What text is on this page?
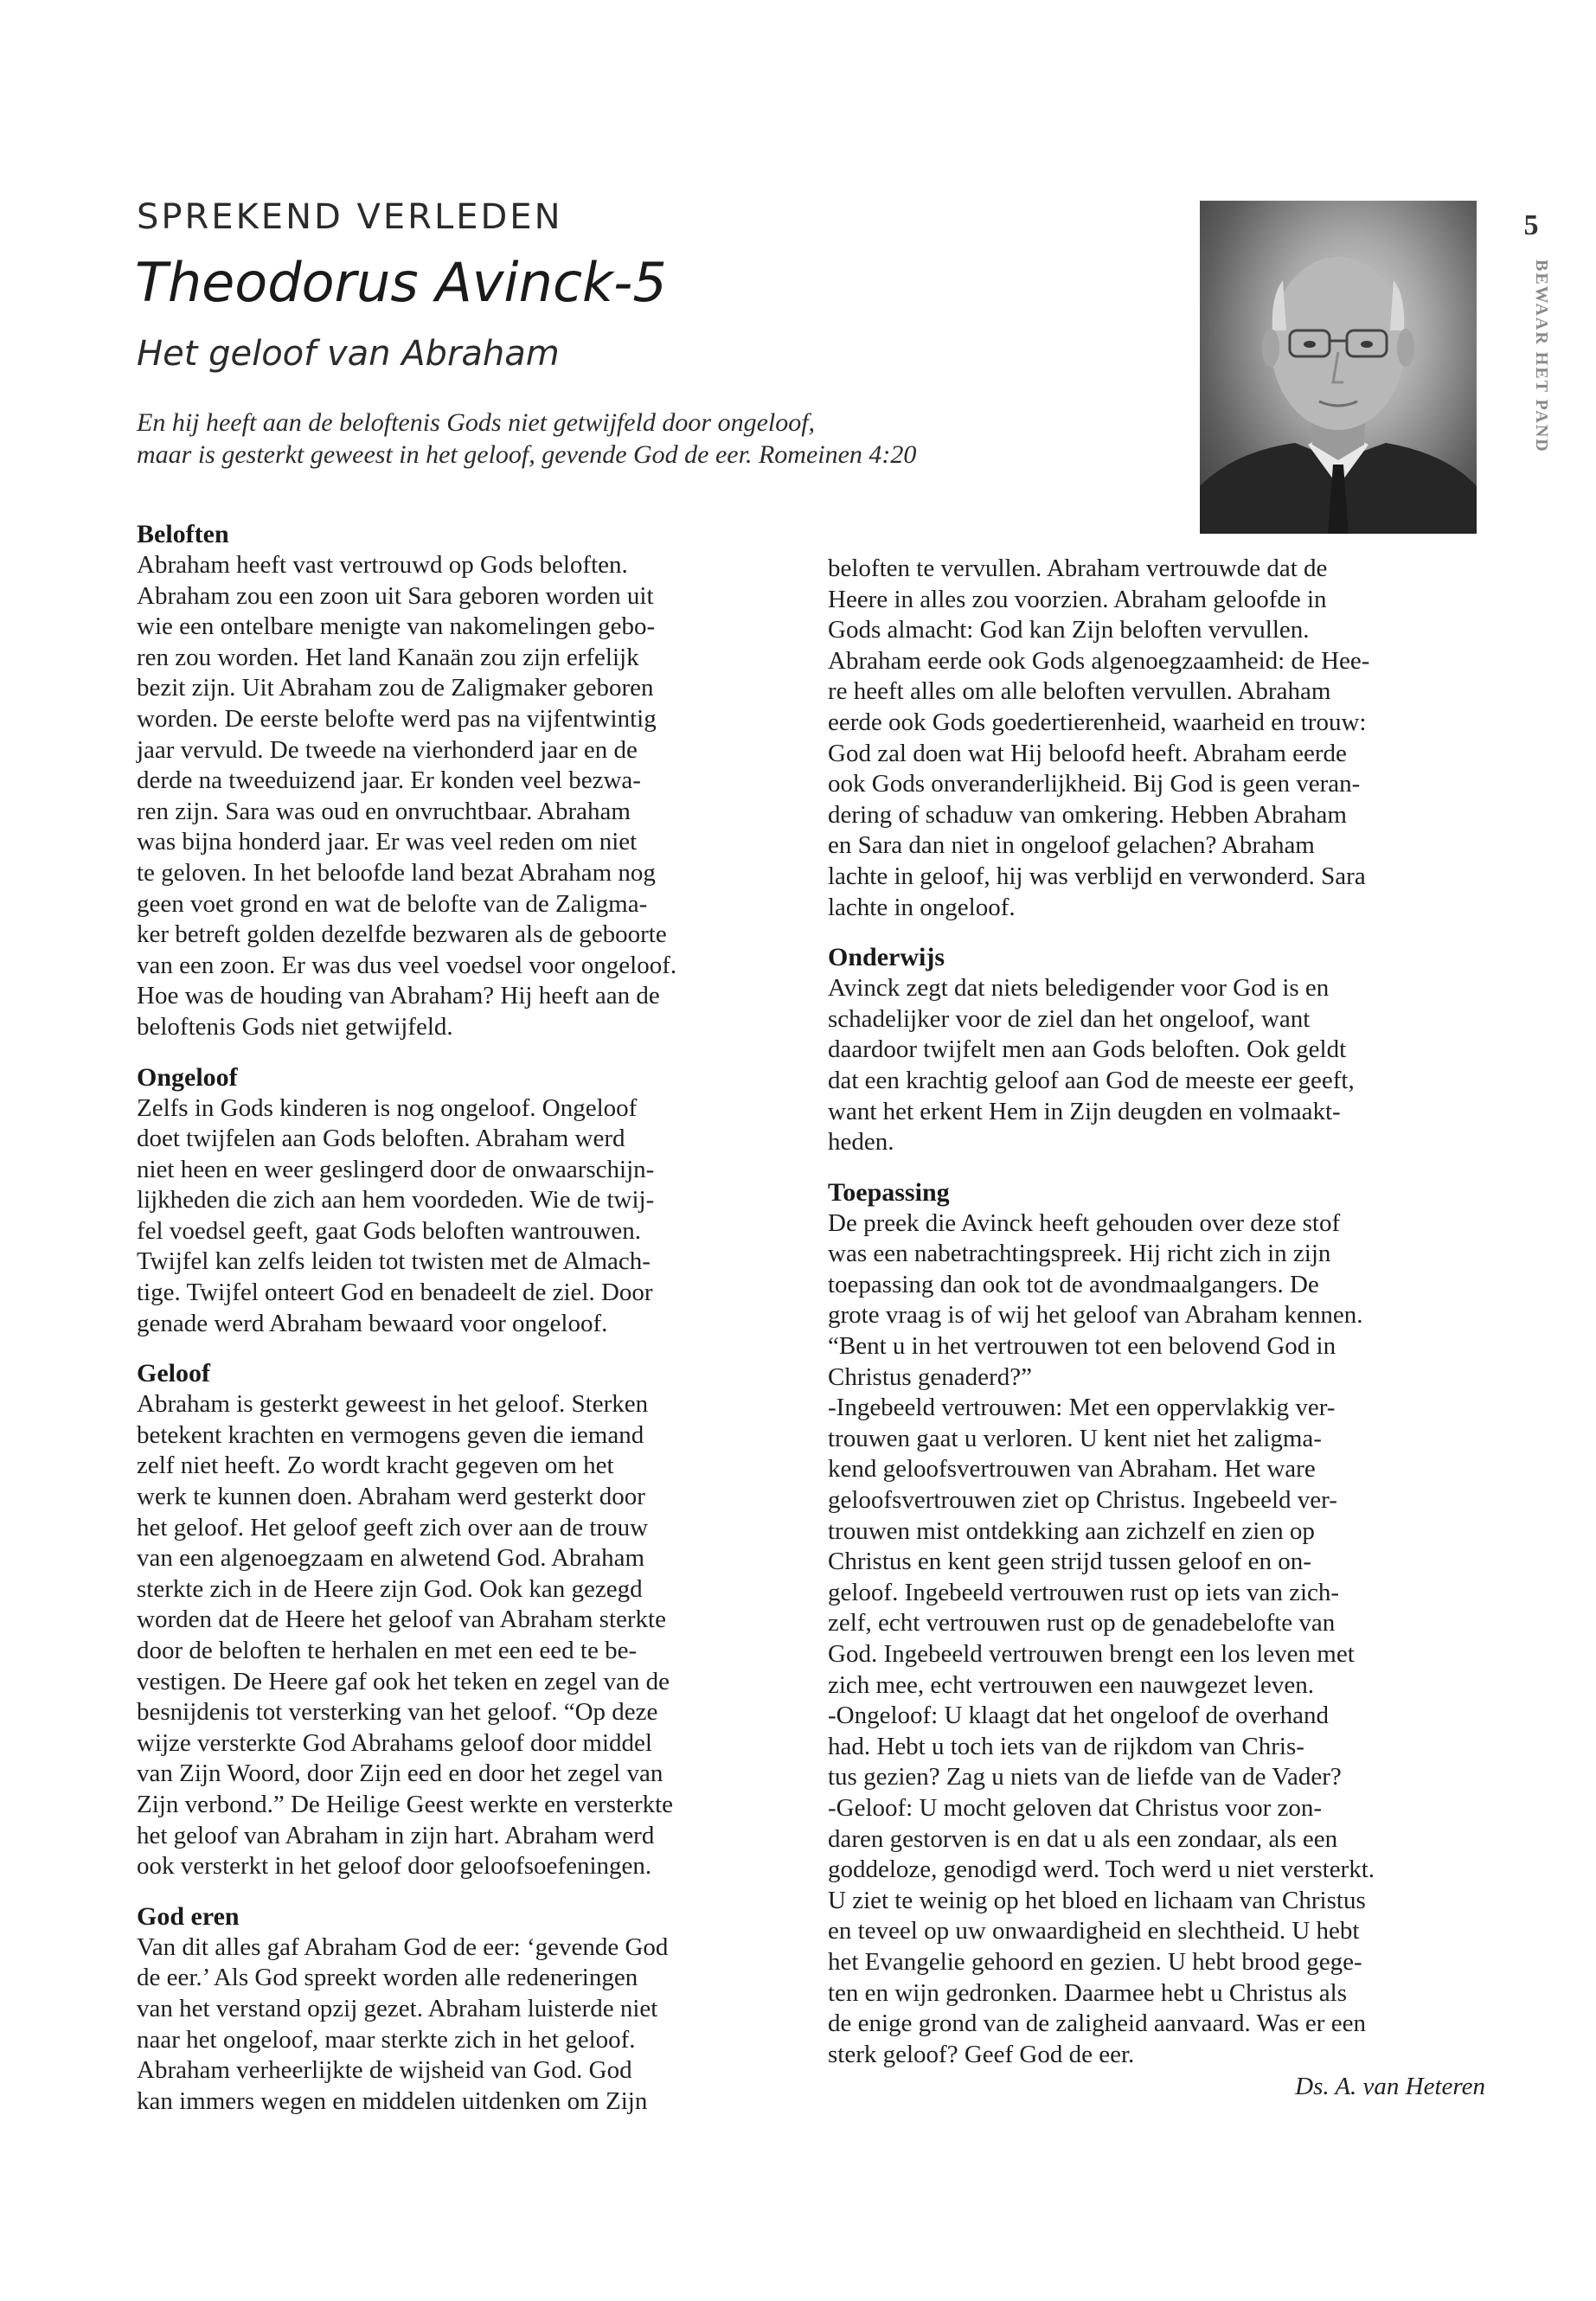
SPREKEND VERLEDEN
Theodorus Avinck-5
Het geloof van Abraham
En hij heeft aan de beloftenis Gods niet getwijfeld door ongeloof,
maar is gesterkt geweest in het geloof, gevende God de eer. Romeinen 4:20
5
BEWAAR HET PAND
Beloften

Abraham heeft vast vertrouwd op Gods beloften.
Abraham zou een zoon uit Sara geboren worden uit
wie een ontelbare menigte van nakomelingen gebo-
ren zou worden. Het land Kanaän zou zijn erfelijk
bezit zijn. Uit Abraham zou de Zaligmaker geboren
worden. De eerste belofte werd pas na vijfentwintig
jaar vervuld. De tweede na vierhonderd jaar en de
derde na tweeduizend jaar. Er konden veel bezwa-
ren zijn. Sara was oud en onvruchtbaar. Abraham
was bijna honderd jaar. Er was veel reden om niet
te geloven. In het beloofde land bezat Abraham nog
geen voet grond en wat de belofte van de Zaligma-
ker betreft golden dezelfde bezwaren als de geboorte
van een zoon. Er was dus veel voedsel voor ongeloof.
Hoe was de houding van Abraham? Hij heeft aan de
beloftenis Gods niet getwijfeld.

Ongeloof

Zelfs in Gods kinderen is nog ongeloof. Ongeloof
doet twijfelen aan Gods beloften. Abraham werd
niet heen en weer geslingerd door de onwaarschijn-
lijkheden die zich aan hem voordeden. Wie de twij-
fel voedsel geeft, gaat Gods beloften wantrouwen.
Twijfel kan zelfs leiden tot twisten met de Almach-
tige. Twijfel onteert God en benadeelt de ziel. Door
genade werd Abraham bewaard voor ongeloof.

Geloof

Abraham is gesterkt geweest in het geloof. Sterken
betekent krachten en vermogens geven die iemand
zelf niet heeft. Zo wordt kracht gegeven om het
werk te kunnen doen. Abraham werd gesterkt door
het geloof. Het geloof geeft zich over aan de trouw
van een algenoegzaam en alwetend God. Abraham
sterkte zich in de Heere zijn God. Ook kan gezegd
worden dat de Heere het geloof van Abraham sterkte
door de beloften te herhalen en met een eed te be-
vestigen. De Heere gaf ook het teken en zegel van de
besnijdenis tot versterking van het geloof. “Op deze
wijze versterkte God Abrahams geloof door middel
van Zijn Woord, door Zijn eed en door het zegel van
Zijn verbond.” De Heilige Geest werkte en versterkte
het geloof van Abraham in zijn hart. Abraham werd
ook versterkt in het geloof door geloofsoefeningen.

God eren

Van dit alles gaf Abraham God de eer: ‘gevende God
de eer.’ Als God spreekt worden alle redeneringen
van het verstand opzij gezet. Abraham luisterde niet
naar het ongeloof, maar sterkte zich in het geloof.
Abraham verheerlijkte de wijsheid van God. God
kan immers wegen en middelen uitdenken om Zijn

beloften te vervullen. Abraham vertrouwde dat de
Heere in alles zou voorzien. Abraham geloofde in
Gods almacht: God kan Zijn beloften vervullen.
Abraham eerde ook Gods algenoegzaamheid: de Hee-
re heeft alles om alle beloften vervullen. Abraham
eerde ook Gods goedertierenheid, waarheid en trouw:
God zal doen wat Hij beloofd heeft. Abraham eerde
ook Gods onveranderlijkheid. Bij God is geen veran-
dering of schaduw van omkering. Hebben Abraham
en Sara dan niet in ongeloof gelachen? Abraham
lachte in geloof, hij was verblijd en verwonderd. Sara
lachte in ongeloof.

Onderwijs

Avinck zegt dat niets beledigender voor God is en
schadelijker voor de ziel dan het ongeloof, want
daardoor twijfelt men aan Gods beloften. Ook geldt
dat een krachtig geloof aan God de meeste eer geeft,
want het erkent Hem in Zijn deugden en volmaakt-
heden.

Toepassing

De preek die Avinck heeft gehouden over deze stof
was een nabetrachtingspreek. Hij richt zich in zijn
toepassing dan ook tot de avondmaalgangers. De
grote vraag is of wij het geloof van Abraham kennen.
“Bent u in het vertrouwen tot een belovend God in
Christus genaderd?”
-Ingebeeld vertrouwen: Met een oppervlakkig ver-
trouwen gaat u verloren. U kent niet het zaligma-
kend geloofsvertrouwen van Abraham. Het ware
geloofsvertrouwen ziet op Christus. Ingebeeld ver-
trouwen mist ontdekking aan zichzelf en zien op
Christus en kent geen strijd tussen geloof en on-
geloof. Ingebeeld vertrouwen rust op iets van zich-
zelf, echt vertrouwen rust op de genadebelofte van
God. Ingebeeld vertrouwen brengt een los leven met
zich mee, echt vertrouwen een nauwgezet leven.
-Ongeloof: U klaagt dat het ongeloof de overhand
had. Hebt u toch iets van de rijkdom van Chris-
tus gezien? Zag u niets van de liefde van de Vader?
-Geloof: U mocht geloven dat Christus voor zon-
daren gestorven is en dat u als een zondaar, als een
goddeloze, genodigd werd. Toch werd u niet versterkt.
U ziet te weinig op het bloed en lichaam van Christus
en teveel op uw onwaardigheid en slechtheid. U hebt
het Evangelie gehoord en gezien. U hebt brood gege-
ten en wijn gedronken. Daarmee hebt u Christus als
de enige grond van de zaligheid aanvaard. Was er een
sterk geloof? Geef God de eer.

Ds. A. van Heteren
